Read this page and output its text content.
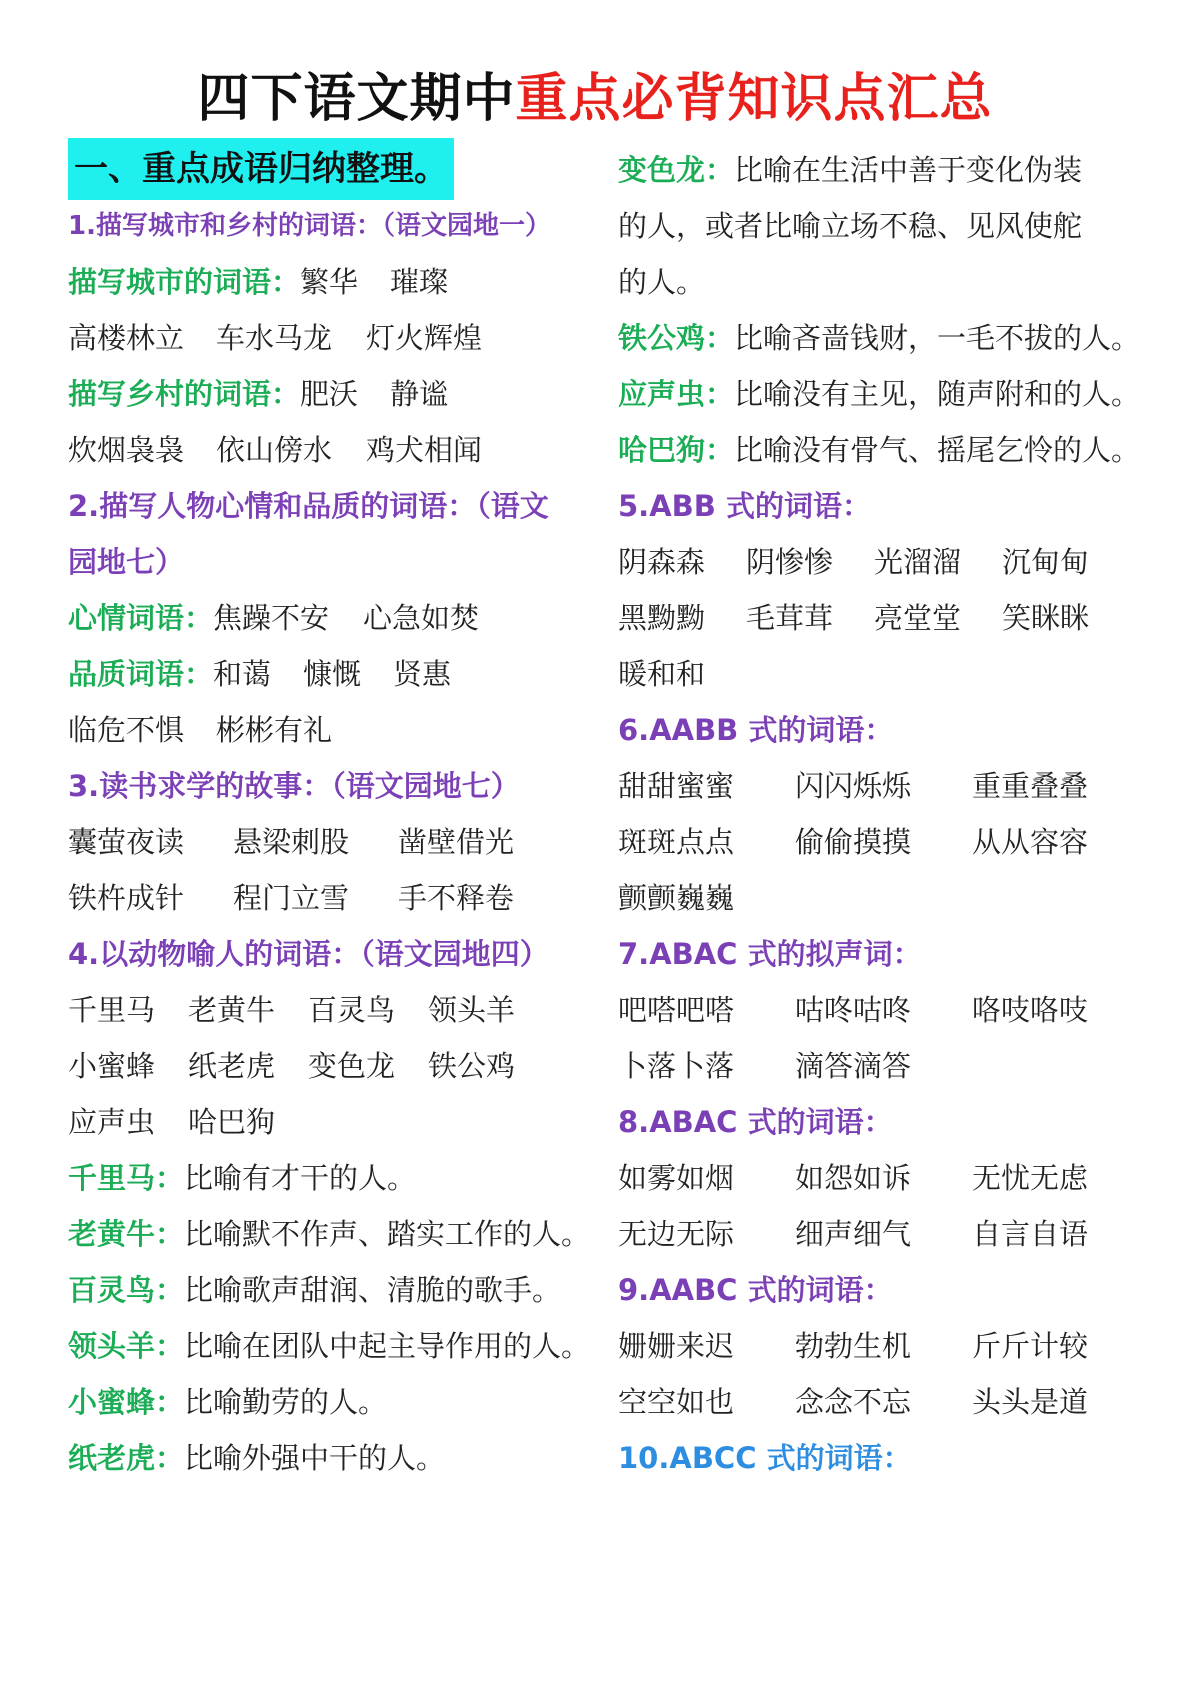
四下语文期中重点必背知识点汇总
一、重点成语归纳整理。
1.描写城市和乡村的词语：（语文园地一）
描写城市的词语：繁华 璀璨
高楼林立 车水马龙 灯火辉煌
描写乡村的词语：肥沃 静谧
炊烟袅袅 依山傍水 鸡犬相闻
2.描写人物心情和品质的词语：（语文
园地七）
心情词语：焦躁不安 心急如焚
品质词语：和蔼 慷慨 贤惠
临危不惧 彬彬有礼
3.读书求学的故事：（语文园地七）
囊萤夜读 悬梁刺股 凿壁借光
铁杵成针 程门立雪 手不释卷
4.以动物喻人的词语：（语文园地四）
千里马 老黄牛 百灵鸟 领头羊
小蜜蜂 纸老虎 变色龙 铁公鸡
应声虫 哈巴狗
千里马：比喻有才干的人。
老黄牛：比喻默不作声、踏实工作的人。
百灵鸟：比喻歌声甜润、清脆的歌手。
领头羊：比喻在团队中起主导作用的人。
小蜜蜂：比喻勤劳的人。
纸老虎：比喻外强中干的人。
变色龙：比喻在生活中善于变化伪装
的人，或者比喻立场不稳、见风使舵
的人。
铁公鸡：比喻吝啬钱财，一毛不拔的人。
应声虫：比喻没有主见，随声附和的人。
哈巴狗：比喻没有骨气、摇尾乞怜的人。
5.ABB 式的词语：
阴森森 阴惨惨 光溜溜 沉甸甸
黑黝黝 毛茸茸 亮堂堂 笑眯眯
暖和和
6.AABB 式的词语：
甜甜蜜蜜 闪闪烁烁 重重叠叠
斑斑点点 偷偷摸摸 从从容容
颤颤巍巍
7.ABAC 式的拟声词：
吧嗒吧嗒 咕咚咕咚 咯吱咯吱
卜落卜落 滴答滴答
8.ABAC 式的词语：
如雾如烟 如怨如诉 无忧无虑
无边无际 细声细气 自言自语
9.AABC 式的词语：
姗姗来迟 勃勃生机 斤斤计较
空空如也 念念不忘 头头是道
10.ABCC 式的词语：
